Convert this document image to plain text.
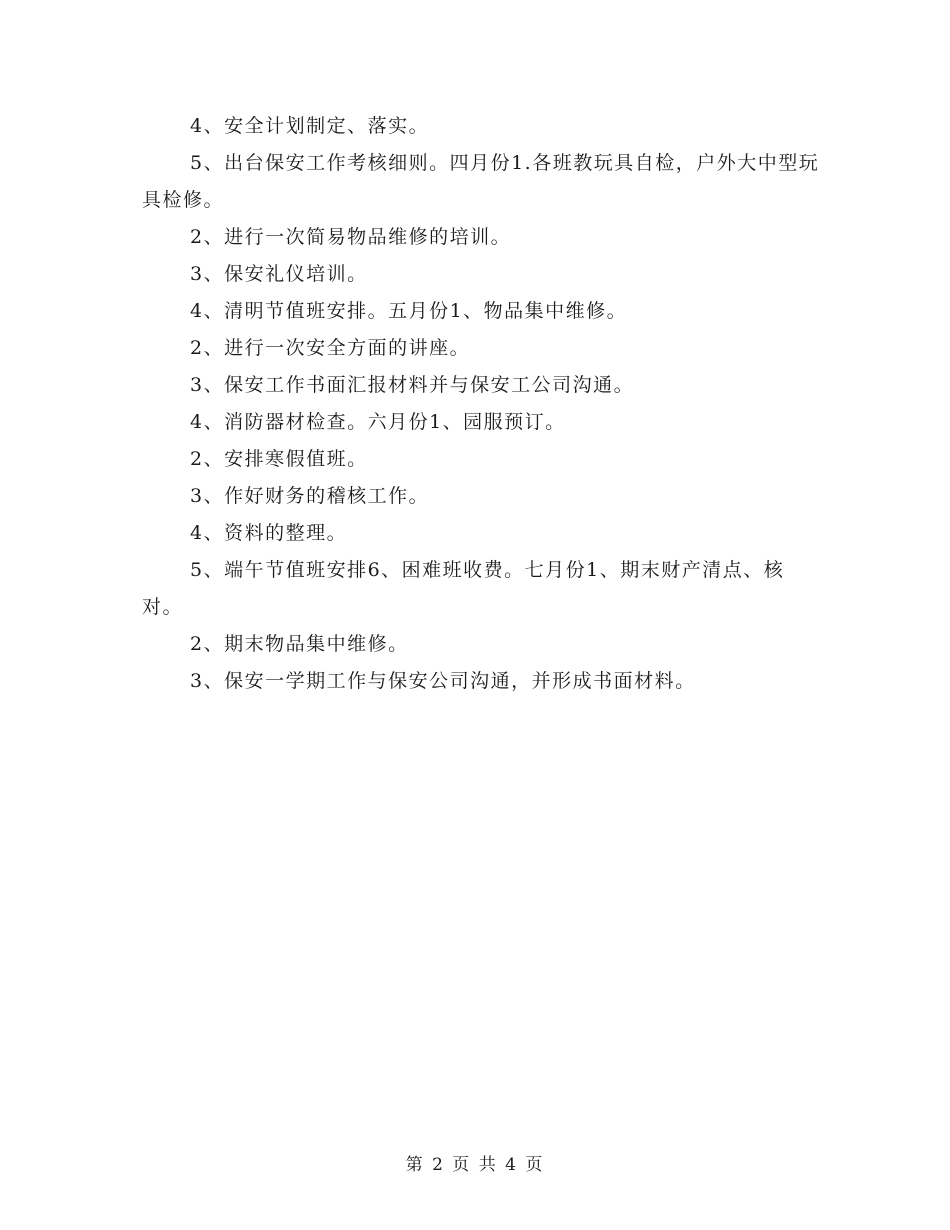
4、安全计划制定、落实。

5、出台保安工作考核细则。四月份1.各班教玩具自检，户外大中型玩具检修。

2、进行一次简易物品维修的培训。

3、保安礼仪培训。

4、清明节值班安排。五月份1、物品集中维修。

2、进行一次安全方面的讲座。

3、保安工作书面汇报材料并与保安工公司沟通。

4、消防器材检查。六月份1、园服预订。

2、安排寒假值班。

3、作好财务的稽核工作。

4、资料的整理。

5、端午节值班安排6、困难班收费。七月份1、期末财产清点、核对。

2、期末物品集中维修。

3、保安一学期工作与保安公司沟通，并形成书面材料。

第 2 页 共 4 页
